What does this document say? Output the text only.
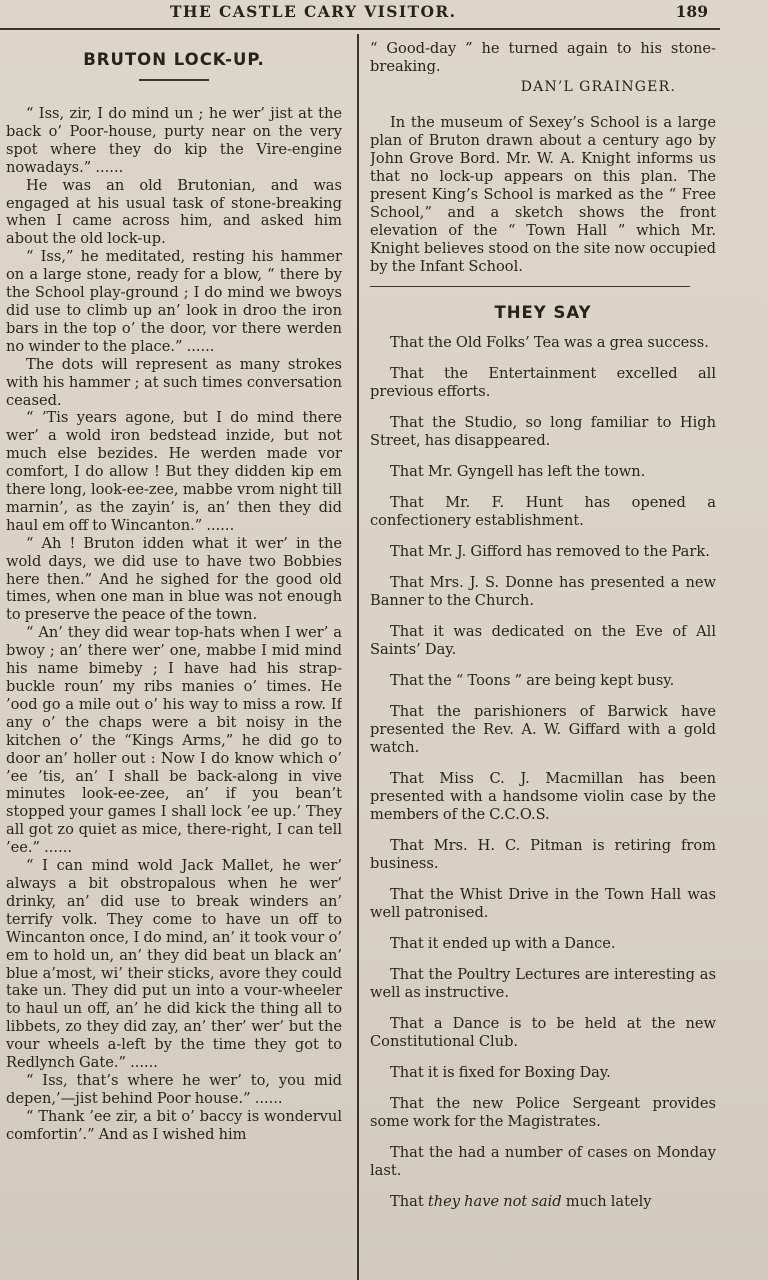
THE CASTLE CARY VISITOR.	189
BRUTON LOCK-UP.

“ Iss, zir, I do mind un ; he wer’ jist at the back o’ Poor-house, purty near on the very spot where they do kip the Vire-engine nowadays.” ......

He was an old Brutonian, and was engaged at his usual task of stone-breaking when I came across him, and asked him about the old lock-up.

“ Iss,” he meditated, resting his hammer on a large stone, ready for a blow, “ there by the School play-ground ; I do mind we bwoys did use to climb up an’ look in droo the iron bars in the top o’ the door, vor there werden no winder to the place.” ......

The dots will represent as many strokes with his hammer ; at such times conversation ceased.

“ ’Tis years agone, but I do mind there wer’ a wold iron bedstead inzide, but not much else bezides. He werden made vor comfort, I do allow ! But they didden kip em there long, look-ee-zee, mabbe vrom night till marnin’, as the zayin’ is, an’ then they did haul em off to Wincanton.” ......

“ Ah ! Bruton idden what it wer’ in the wold days, we did use to have two Bobbies here then.” And he sighed for the good old times, when one man in blue was not enough to preserve the peace of the town.

“ An’ they did wear top-hats when I wer’ a bwoy ; an’ there wer’ one, mabbe I mid mind his name bimeby ; I have had his strap-buckle roun’ my ribs manies o’ times. He ’ood go a mile out o’ his way to miss a row. If any o’ the chaps were a bit noisy in the kitchen o’ the “Kings Arms,” he did go to door an’ holler out : Now I do know which o’ ’ee ’tis, an’ I shall be back-along in vive minutes look-ee-zee, an’ if you bean’t stopped your games I shall lock ’ee up.’ They all got zo quiet as mice, there-right, I can tell ’ee.” ......

“ I can mind wold Jack Mallet, he wer’ always a bit obstropalous when he wer’ drinky, an’ did use to break winders an’ terrify volk. They come to have un off to Wincanton once, I do mind, an’ it took vour o’ em to hold un, an’ they did beat un black an’ blue a’most, wi’ their sticks, avore they could take un. They did put un into a vour-wheeler to haul un off, an’ he did kick the thing all to libbets, zo they did zay, an’ ther’ wer’ but the vour wheels a-left by the time they got to Redlynch Gate.” ......

“ Iss, that’s where he wer’ to, you mid depen,’—jist behind Poor house.” ......

“ Thank ’ee zir, a bit o’ baccy is wondervul comfortin’.” And as I wished him

“ Good-day ” he turned again to his stone-breaking.

DAN’L GRAINGER.

In the museum of Sexey’s School is a large plan of Bruton drawn about a century ago by John Grove Bord. Mr. W. A. Knight informs us that no lock-up appears on this plan. The present King’s School is marked as the “ Free School,” and a sketch shows the front elevation of the “ Town Hall ” which Mr. Knight believes stood on the site now occupied by the Infant School.

THEY SAY

That the Old Folks’ Tea was a grea success.

That the Entertainment excelled all previous efforts.

That the Studio, so long familiar to High Street, has disappeared.

That Mr. Gyngell has left the town.

That Mr. F. Hunt has opened a confectionery establishment.

That Mr. J. Gifford has removed to the Park.

That Mrs. J. S. Donne has presented a new Banner to the Church.

That it was dedicated on the Eve of All Saints’ Day.

That the “ Toons ” are being kept busy.

That the parishioners of Barwick have presented the Rev. A. W. Giffard with a gold watch.

That Miss C. J. Macmillan has been presented with a handsome violin case by the members of the C.C.O.S.

That Mrs. H. C. Pitman is retiring from business.

That the Whist Drive in the Town Hall was well patronised.

That it ended up with a Dance.

That the Poultry Lectures are interesting as well as instructive.

That a Dance is to be held at the new Constitutional Club.

That it is fixed for Boxing Day.

That the new Police Sergeant provides some work for the Magistrates.

That the had a number of cases on Monday last.

That they have not said much lately
